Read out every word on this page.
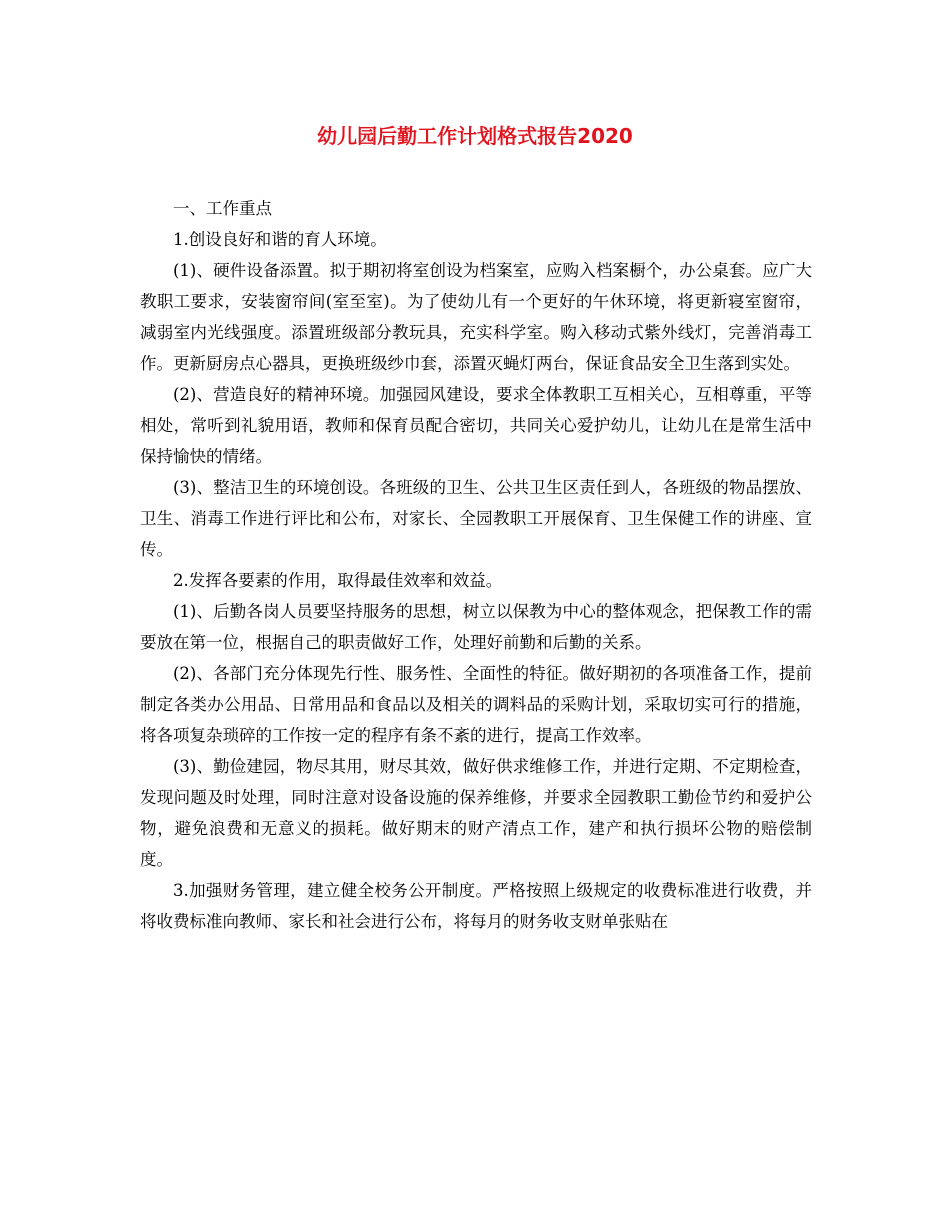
幼儿园后勤工作计划格式报告2020

一、工作重点

1.创设良好和谐的育人环境。

(1)、硬件设备添置。拟于期初将室创设为档案室，应购入档案橱个，办公桌套。应广大教职工要求，安装窗帘间(室至室)。为了使幼儿有一个更好的午休环境，将更新寝室窗帘，减弱室内光线强度。添置班级部分教玩具，充实科学室。购入移动式紫外线灯，完善消毒工作。更新厨房点心器具，更换班级纱巾套，添置灭蝇灯两台，保证食品安全卫生落到实处。

(2)、营造良好的精神环境。加强园风建设，要求全体教职工互相关心，互相尊重，平等相处，常听到礼貌用语，教师和保育员配合密切，共同关心爱护幼儿，让幼儿在是常生活中保持愉快的情绪。

(3)、整洁卫生的环境创设。各班级的卫生、公共卫生区责任到人，各班级的物品摆放、卫生、消毒工作进行评比和公布，对家长、全园教职工开展保育、卫生保健工作的讲座、宣传。

2.发挥各要素的作用，取得最佳效率和效益。

(1)、后勤各岗人员要坚持服务的思想，树立以保教为中心的整体观念，把保教工作的需要放在第一位，根据自己的职责做好工作，处理好前勤和后勤的关系。

(2)、各部门充分体现先行性、服务性、全面性的特征。做好期初的各项准备工作，提前制定各类办公用品、日常用品和食品以及相关的调料品的采购计划，采取切实可行的措施，将各项复杂琐碎的工作按一定的程序有条不紊的进行，提高工作效率。

(3)、勤俭建园，物尽其用，财尽其效，做好供求维修工作，并进行定期、不定期检查，发现问题及时处理，同时注意对设备设施的保养维修，并要求全园教职工勤俭节约和爱护公物，避免浪费和无意义的损耗。做好期末的财产清点工作，建产和执行损坏公物的赔偿制度。

3.加强财务管理，建立健全校务公开制度。严格按照上级规定的收费标准进行收费，并将收费标准向教师、家长和社会进行公布，将每月的财务收支财单张贴在
